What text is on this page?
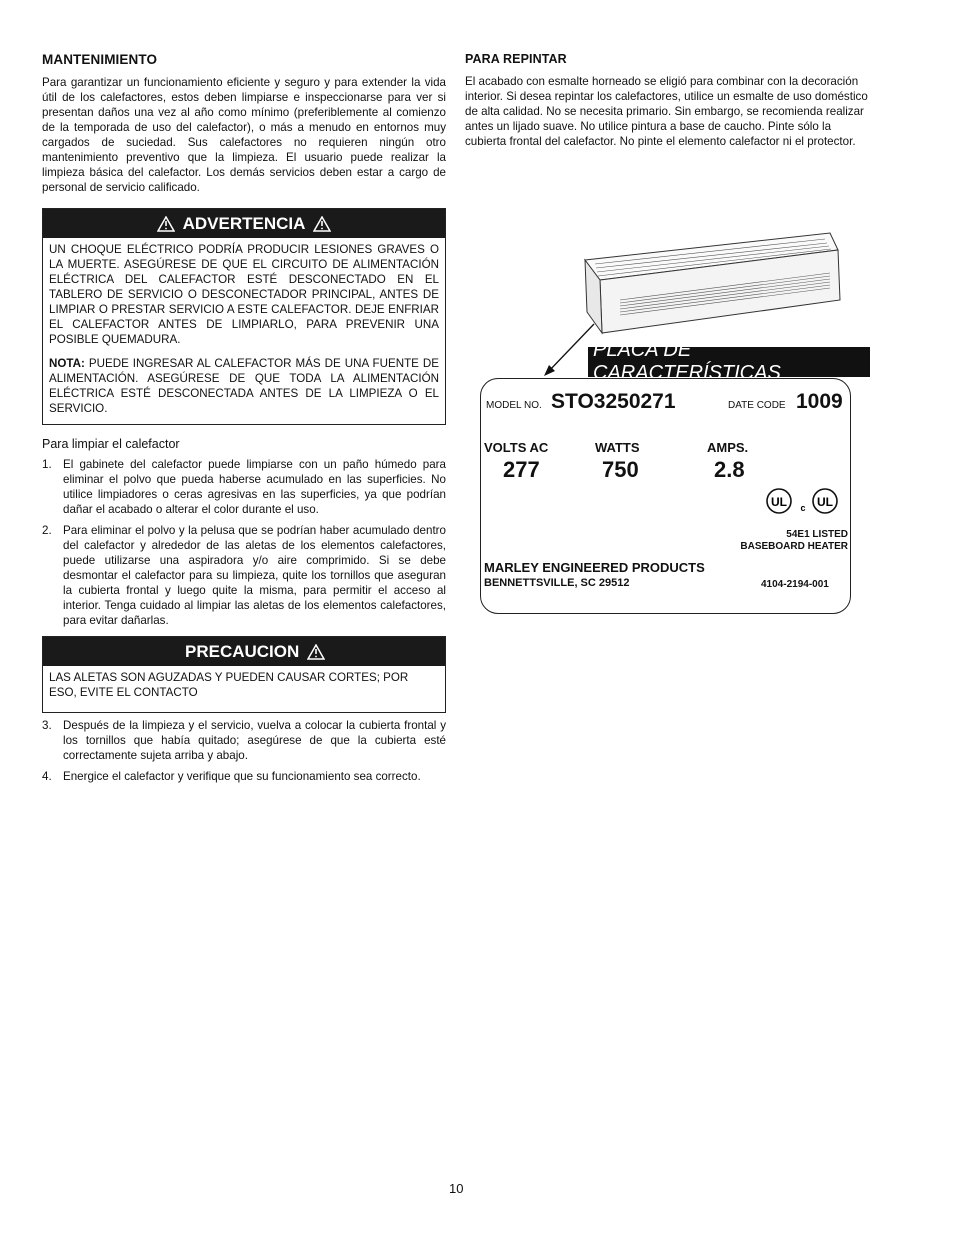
MANTENIMIENTO

Para garantizar un funcionamiento eficiente y seguro y para extender la vida útil de los calefactores, estos deben limpiarse e inspeccionarse para ver si presentan daños una vez al año como mínimo (preferiblemente al comienzo de la temporada de uso del calefactor), o más a menudo en entornos muy cargados de suciedad. Sus calefactores no requieren ningún otro mantenimiento preventivo que la limpieza. El usuario puede realizar la limpieza básica del calefactor. Los demás servicios deben estar a cargo de personal de servicio calificado.

ADVERTENCIA

UN CHOQUE ELÉCTRICO PODRÍA PRODUCIR LESIONES GRAVES O LA MUERTE. ASEGÚRESE DE QUE EL CIRCUITO DE ALIMENTACIÓN ELÉCTRICA DEL CALEFACTOR ESTÉ DESCONECTADO EN EL TABLERO DE SERVICIO O DESCONECTADOR PRINCIPAL, ANTES DE LIMPIAR O PRESTAR SERVICIO A ESTE CALEFACTOR. DEJE ENFRIAR EL CALEFACTOR ANTES DE LIMPIARLO, PARA PREVENIR UNA POSIBLE QUEMADURA.

NOTA: PUEDE INGRESAR AL CALEFACTOR MÁS DE UNA FUENTE DE ALIMENTACIÓN. ASEGÚRESE DE QUE TODA LA ALIMENTACIÓN ELÉCTRICA ESTÉ DESCONECTADA ANTES DE LA LIMPIEZA O EL SERVICIO.

Para limpiar el calefactor
1. El gabinete del calefactor puede limpiarse con un paño húmedo para eliminar el polvo que pueda haberse acumulado en las superficies. No utilice limpiadores o ceras agresivas en las superficies, ya que podrían dañar el acabado o alterar el color durante el uso.
2. Para eliminar el polvo y la pelusa que se podrían haber acumulado dentro del calefactor y alrededor de las aletas de los elementos calefactores, puede utilizarse una aspiradora y/o aire comprimido. Si se debe desmontar el calefactor para su limpieza, quite los tornillos que aseguran la cubierta frontal y luego quite la misma, para permitir el acceso al interior. Tenga cuidado al limpiar las aletas de los elementos calefactores, para evitar dañarlas.
PRECAUCION

LAS ALETAS SON AGUZADAS Y PUEDEN CAUSAR CORTES; POR ESO, EVITE EL CONTACTO

3. Después de la limpieza y el servicio, vuelva a colocar la cubierta frontal y los tornillos que había quitado; asegúrese de que la cubierta esté correctamente sujeta arriba y abajo.
4. Energice el calefactor y verifique que su funcionamiento sea correcto.
PARA REPINTAR

El acabado con esmalte horneado se eligió para combinar con la decoración interior. Si desea repintar los calefactores, utilice un esmalte de uso doméstico de alta calidad. No se necesita primario. Sin embargo, se recomienda realizar antes un lijado suave. No utilice pintura a base de caucho. Pinte sólo la cubierta frontal del calefactor. No pinte el elemento calefactor ni el protector.

PLACA DE CARACTERÍSTICAS
MODEL NO. STO3250271	DATE CODE 1009
VOLTS AC	WATTS	AMPS.
277	750	2.8
UL	UL
c
54E1 LISTED
BASEBOARD HEATER
MARLEY ENGINEERED PRODUCTS
BENNETTSVILLE, SC 29512	4104-2194-001
10
